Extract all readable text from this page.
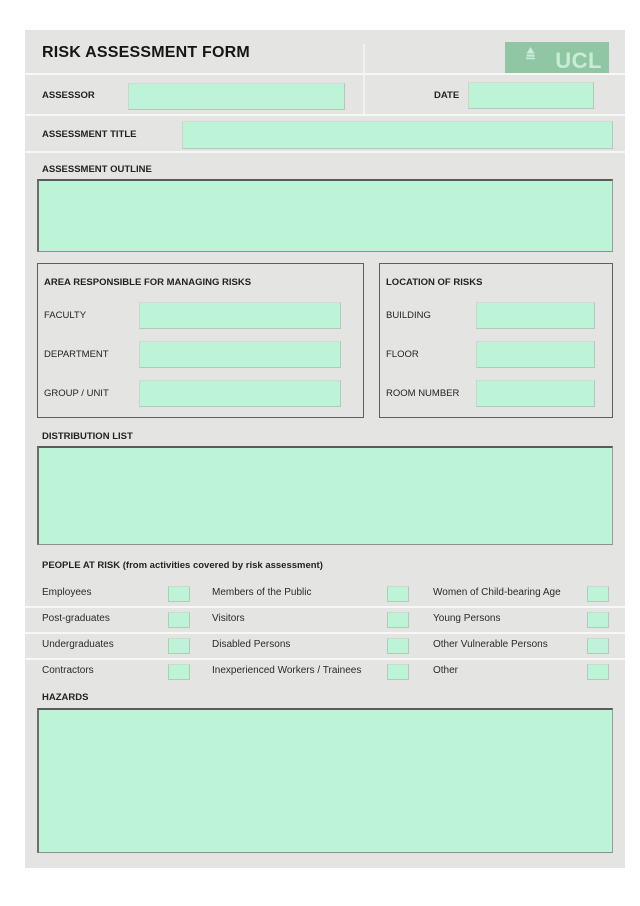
RISK ASSESSMENT FORM	UCL
ASSESSOR	DATE
ASSESSMENT TITLE
ASSESSMENT OUTLINE
AREA RESPONSIBLE FOR MANAGING RISKS
FACULTY
DEPARTMENT
GROUP / UNIT
LOCATION OF RISKS
BUILDING
FLOOR
ROOM NUMBER
DISTRIBUTION LIST
PEOPLE AT RISK (from activities covered by risk assessment)
Employees	Members of the Public	Women of Child-bearing Age
Post-graduates	Visitors	Young Persons
Undergraduates	Disabled Persons	Other Vulnerable Persons
Contractors	Inexperienced Workers / Trainees	Other
HAZARDS
